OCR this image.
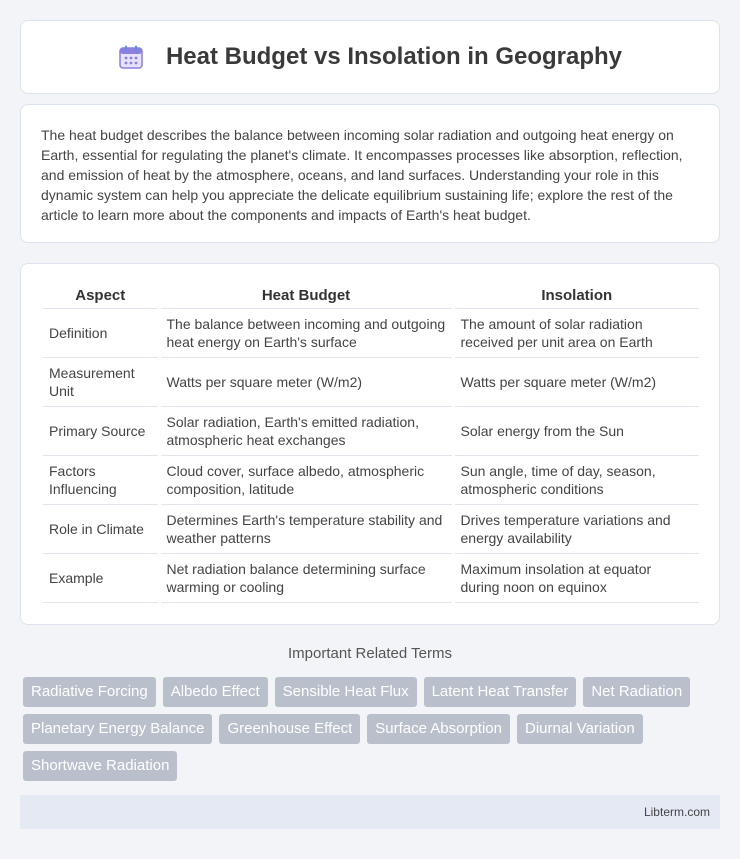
Heat Budget vs Insolation in Geography

The heat budget describes the balance between incoming solar radiation and outgoing heat energy on Earth, essential for regulating the planet's climate. It encompasses processes like absorption, reflection, and emission of heat by the atmosphere, oceans, and land surfaces. Understanding your role in this dynamic system can help you appreciate the delicate equilibrium sustaining life; explore the rest of the article to learn more about the components and impacts of Earth's heat budget.

Aspect	Heat Budget	Insolation
Definition	The balance between incoming and outgoing heat energy on Earth's surface	The amount of solar radiation received per unit area on Earth
Measurement Unit	Watts per square meter (W/m2)	Watts per square meter (W/m2)
Primary Source	Solar radiation, Earth's emitted radiation, atmospheric heat exchanges	Solar energy from the Sun
Factors Influencing	Cloud cover, surface albedo, atmospheric composition, latitude	Sun angle, time of day, season, atmospheric conditions
Role in Climate	Determines Earth's temperature stability and weather patterns	Drives temperature variations and energy availability
Example	Net radiation balance determining surface warming or cooling	Maximum insolation at equator during noon on equinox
Important Related Terms
Radiative Forcing	Albedo Effect	Sensible Heat Flux	Latent Heat Transfer	Net Radiation
Planetary Energy Balance	Greenhouse Effect	Surface Absorption	Diurnal Variation
Shortwave Radiation
Libterm.com
